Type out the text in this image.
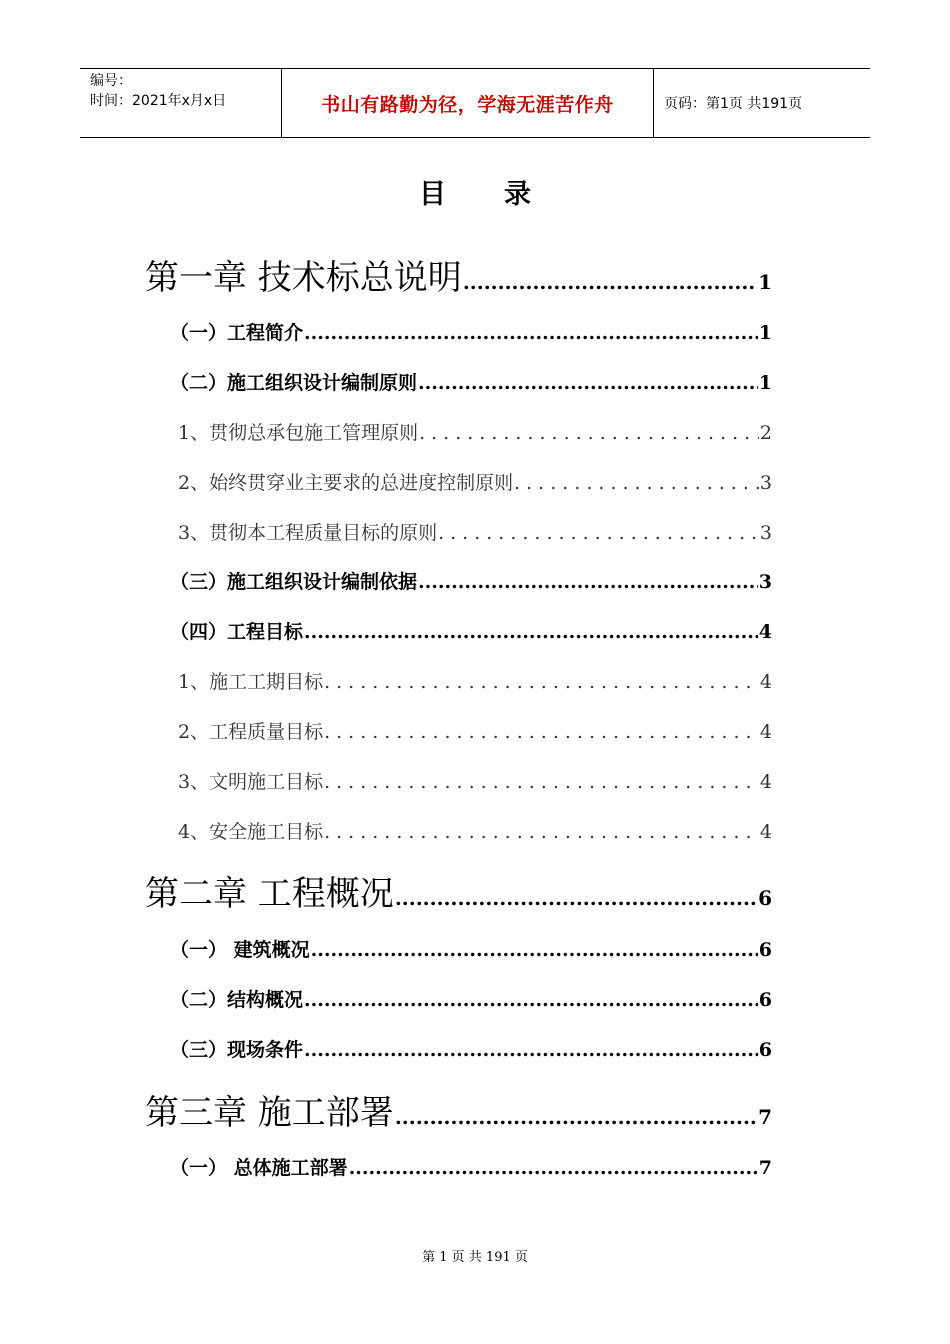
编号：
时间：2021年x月x日	书山有路勤为径，学海无涯苦作舟	页码：第1页 共191页
目录
第一章 技术标总说明 .....	1
（一）工程简介 .....	1
（二）施工组织设计编制原则 .....	1
1、贯彻总承包施工管理原则 .....	2
2、始终贯穿业主要求的总进度控制原则 .....	3
3、贯彻本工程质量目标的原则 .....	3
（三）施工组织设计编制依据 .....	3
（四）工程目标 .....	4
1、施工工期目标 .....	4
2、工程质量目标 .....	4
3、文明施工目标 .....	4
4、安全施工目标 .....	4
第二章 工程概况 .....	6
（一） 建筑概况 .....	6
（二）结构概况 .....	6
（三）现场条件 .....	6
第三章 施工部署 .....	7
（一） 总体施工部署 .....	7
第 1 页 共 191 页
